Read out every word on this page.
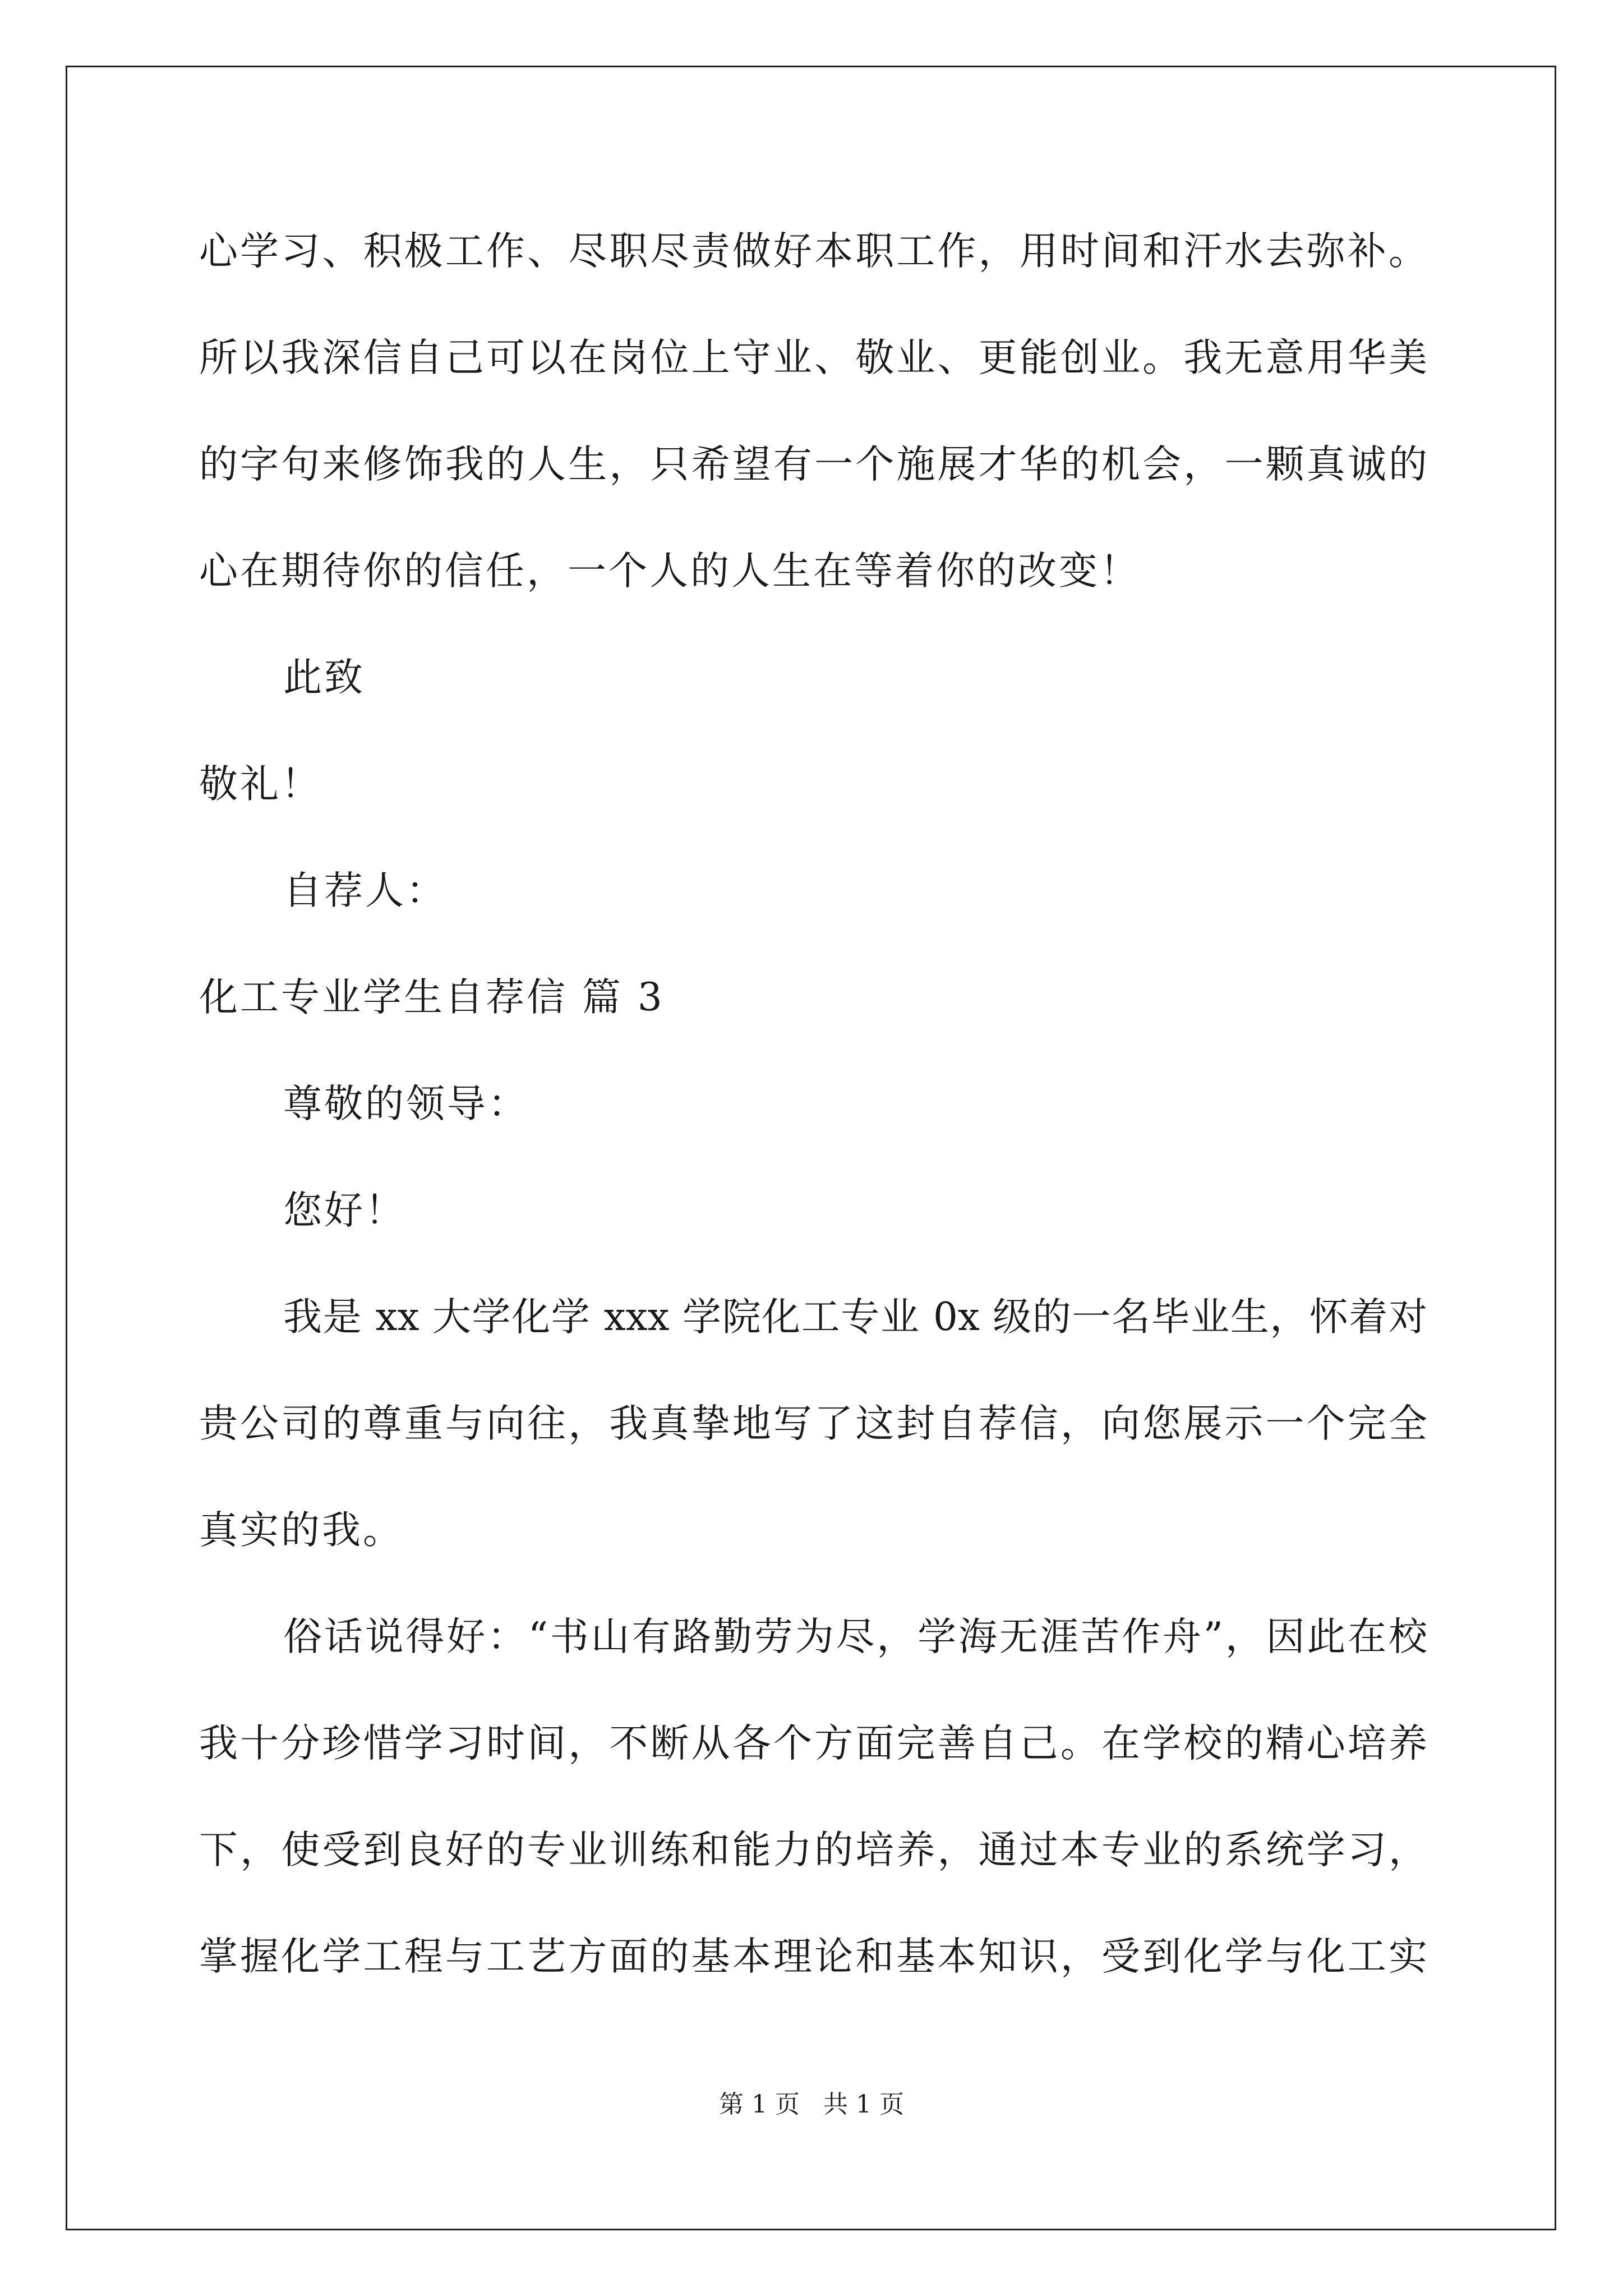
心学习、积极工作、尽职尽责做好本职工作，用时间和汗水去弥补。
所以我深信自己可以在岗位上守业、敬业、更能创业。我无意用华美
的字句来修饰我的人生，只希望有一个施展才华的机会，一颗真诚的
心在期待你的信任，一个人的人生在等着你的改变！
此致
敬礼！
自荐人：
化工专业学生自荐信 篇 3
尊敬的领导：
您好！
我是 xx 大学化学 xxx 学院化工专业 0x 级的一名毕业生，怀着对
贵公司的尊重与向往，我真挚地写了这封自荐信，向您展示一个完全
真实的我。
俗话说得好：“书山有路勤劳为尽，学海无涯苦作舟”，因此在校
我十分珍惜学习时间，不断从各个方面完善自己。在学校的精心培养
下，使受到良好的专业训练和能力的培养，通过本专业的系统学习，
掌握化学工程与工艺方面的基本理论和基本知识，受到化学与化工实
第 1 页   共 1 页
